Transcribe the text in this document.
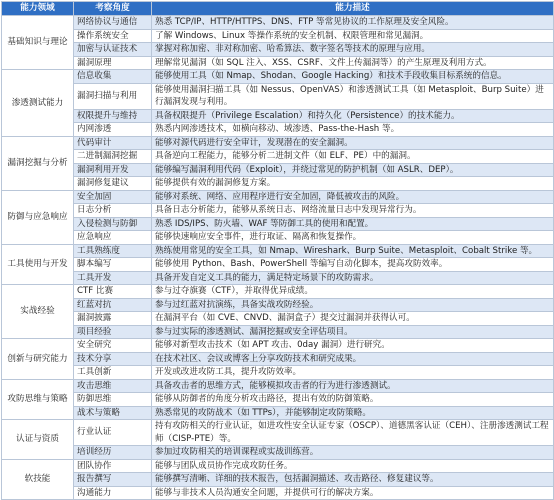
能力领域	考察角度	能力描述
基础知识与理论	网络协议与通信	熟悉 TCP/IP、HTTP/HTTPS、DNS、FTP 等常见协议的工作原理及安全风险。
	操作系统安全	了解 Windows、Linux 等操作系统的安全机制、权限管理和常见漏洞。
	加密与认证技术	掌握对称加密、非对称加密、哈希算法、数字签名等技术的原理与应用。
	漏洞原理	理解常见漏洞（如 SQL 注入、XSS、CSRF、文件上传漏洞等）的产生原理及利用方式。
渗透测试能力	信息收集	能够使用工具（如 Nmap、Shodan、Google Hacking）和技术手段收集目标系统的信息。
	漏洞扫描与利用	能够使用漏洞扫描工具（如 Nessus、OpenVAS）和渗透测试工具（如 Metasploit、Burp Suite）进行漏洞发现与利用。
	权限提升与维持	具备权限提升（Privilege Escalation）和持久化（Persistence）的技术能力。
	内网渗透	熟悉内网渗透技术，如横向移动、域渗透、Pass-the-Hash 等。
漏洞挖掘与分析	代码审计	能够对源代码进行安全审计，发现潜在的安全漏洞。
	二进制漏洞挖掘	具备逆向工程能力，能够分析二进制文件（如 ELF、PE）中的漏洞。
	漏洞利用开发	能够编写漏洞利用代码（Exploit），并绕过常见的防护机制（如 ASLR、DEP）。
	漏洞修复建议	能够提供有效的漏洞修复方案。
防御与应急响应	安全加固	能够对系统、网络、应用程序进行安全加固，降低被攻击的风险。
	日志分析	具备日志分析能力，能够从系统日志、网络流量日志中发现异常行为。
	入侵检测与防御	熟悉 IDS/IPS、防火墙、WAF 等防御工具的使用和配置。
	应急响应	能够快速响应安全事件，进行取证、隔离和恢复操作。
工具使用与开发	工具熟练度	熟练使用常见的安全工具，如 Nmap、Wireshark、Burp Suite、Metasploit、Cobalt Strike 等。
	脚本编写	能够使用 Python、Bash、PowerShell 等编写自动化脚本，提高攻防效率。
	工具开发	具备开发自定义工具的能力，满足特定场景下的攻防需求。
实战经验	CTF 比赛	参与过夺旗赛（CTF），并取得优异成绩。
	红蓝对抗	参与过红蓝对抗演练，具备实战攻防经验。
	漏洞披露	在漏洞平台（如 CVE、CNVD、漏洞盒子）提交过漏洞并获得认可。
	项目经验	参与过实际的渗透测试、漏洞挖掘或安全评估项目。
创新与研究能力	安全研究	能够对新型攻击技术（如 APT 攻击、0day 漏洞）进行研究。
	技术分享	在技术社区、会议或博客上分享攻防技术和研究成果。
	工具创新	开发或改进攻防工具，提升攻防效率。
攻防思维与策略	攻击思维	具备攻击者的思维方式，能够模拟攻击者的行为进行渗透测试。
	防御思维	能够从防御者的角度分析攻击路径，提出有效的防御策略。
	战术与策略	熟悉常见的攻防战术（如 TTPs），并能够制定攻防策略。
认证与资质	行业认证	持有攻防相关的行业认证，如进攻性安全认证专家（OSCP）、道德黑客认证（CEH）、注册渗透测试工程师（CISP-PTE）等。
	培训经历	参加过攻防相关的培训课程或实战训练营。
软技能	团队协作	能够与团队成员协作完成攻防任务。
	报告撰写	能够撰写清晰、详细的技术报告，包括漏洞描述、攻击路径、修复建议等。
	沟通能力	能够与非技术人员沟通安全问题，并提供可行的解决方案。
